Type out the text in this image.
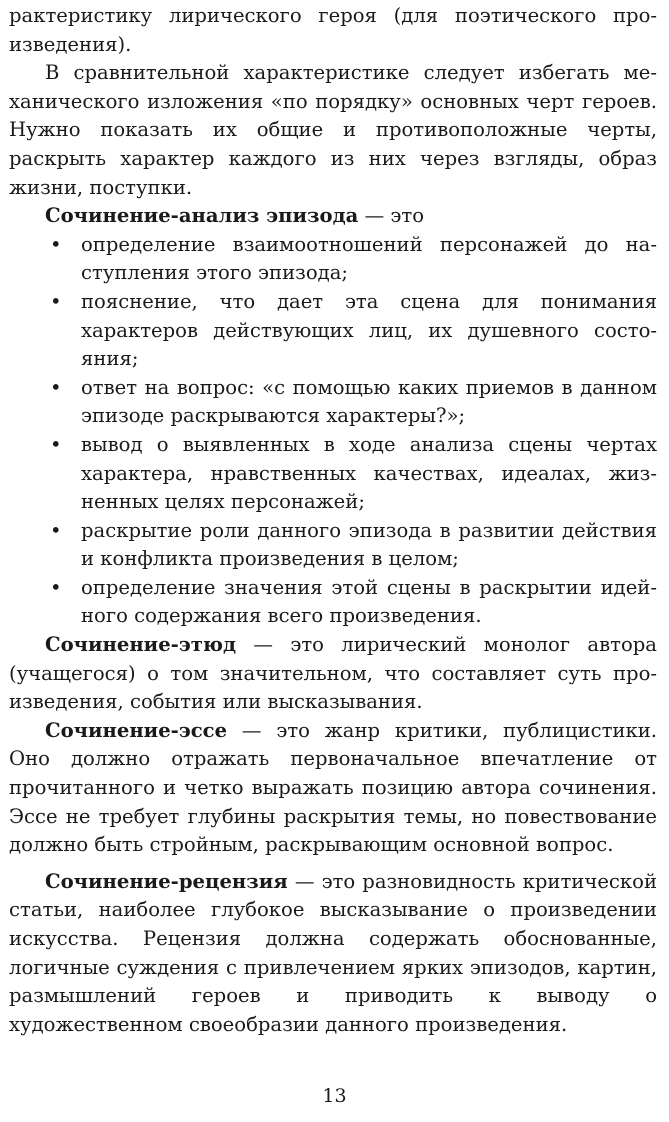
рактеристику лирического героя (для поэтического произведения).

В сравнительной характеристике следует избегать механического изложения «по порядку» основных черт героев. Нужно показать их общие и противоположные черты, раскрыть характер каждого из них через взгляды, образ жизни, поступки.

Сочинение-анализ эпизода — это

• определение взаимоотношений персонажей до наступления этого эпизода;
• пояснение, что дает эта сцена для понимания характеров действующих лиц, их душевного состояния;
• ответ на вопрос: «с помощью каких приемов в данном эпизоде раскрываются характеры?»;
• вывод о выявленных в ходе анализа сцены чертах характера, нравственных качествах, идеалах, жизненных целях персонажей;
• раскрытие роли данного эпизода в развитии действия и конфликта произведения в целом;
• определение значения этой сцены в раскрытии идейного содержания всего произведения.

Сочинение-этюд — это лирический монолог автора (учащегося) о том значительном, что составляет суть произведения, события или высказывания.

Сочинение-эссе — это жанр критики, публицистики. Оно должно отражать первоначальное впечатление от прочитанного и четко выражать позицию автора сочинения. Эссе не требует глубины раскрытия темы, но повествование должно быть стройным, раскрывающим основной вопрос.

Сочинение-рецензия — это разновидность критической статьи, наиболее глубокое высказывание о произведении искусства. Рецензия должна содержать обоснованные, логичные суждения с привлечением ярких эпизодов, картин, размышлений героев и приводить к выводу о художественном своеобразии данного произведения.

13
